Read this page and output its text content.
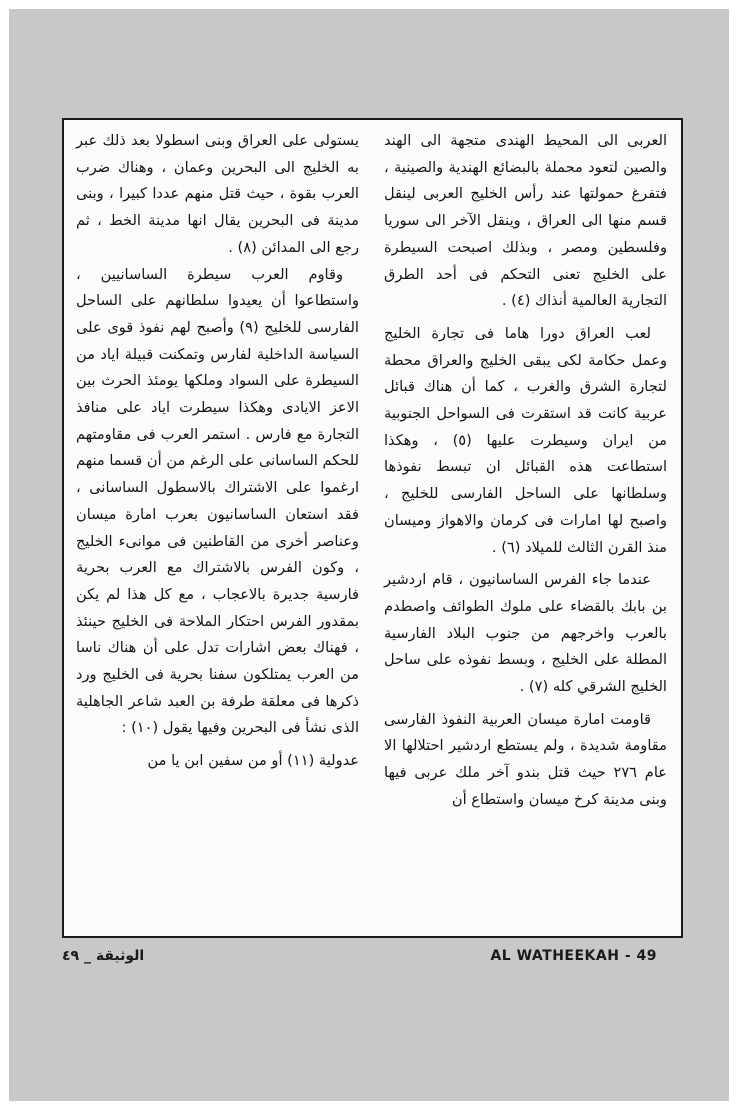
العربى الى المحيط الهندى متجهة الى الهند والصين لتعود محملة بالبضائع الهندية والصينية ، فتفرغ حمولتها عند رأس الخليج العربى لينقل قسم منها الى العراق ، وينقل الآخر الى سوريا وفلسطين ومصر ، وبذلك اصبحت السيطرة على الخليج تعنى التحكم فى أحد الطرق التجارية العالمية أنذاك (٤) .

لعب العراق دورا هاما فى تجارة الخليج وعمل حكامة لكى يبقى الخليج والعراق محطة لتجارة الشرق والغرب ، كما أن هناك قبائل عربية كانت قد استقرت فى السواحل الجنوبية من ايران وسيطرت عليها (٥) ، وهكذا استطاعت هذه القبائل ان تبسط نفوذها وسلطانها على الساحل الفارسى للخليج ، واصبح لها امارات فى كرمان والاهواز وميسان منذ القرن الثالث للميلاد (٦) .

عندما جاء الفرس الساسانيون ، قام اردشير بن بابك بالقضاء على ملوك الطوائف واصطدم بالعرب واخرجهم من جنوب البلاد الفارسية المطلة على الخليج ، وبسط نفوذه على ساحل الخليج الشرقي كله (٧) .

قاومت امارة ميسان العربية النفوذ الفارسى مقاومة شديدة ، ولم يستطع اردشير احتلالها الا عام ٢٧٦ حيث قتل بندو آخر ملك عربى فيها وبنى مدينة كرخ ميسان واستطاع أن

يستولى على العراق وبنى اسطولا بعد ذلك عبر به الخليج الى البحرين وعمان ، وهناك ضرب العرب بقوة ، حيث قتل منهم عددا كبيرا ، وبنى مدينة فى البحرين يقال انها مدينة الخط ، ثم رجع الى المدائن (٨) .

وقاوم العرب سيطرة الساسانيين ، واستطاعوا أن يعيدوا سلطانهم على الساحل الفارسى للخليج (٩) وأصبح لهم نفوذ قوى على السياسة الداخلية لفارس وتمكنت قبيلة اياد من السيطرة على السواد وملكها يومئذ الحرث بين الاعز الايادى وهكذا سيطرت اياد على منافذ التجارة مع فارس . استمر العرب فى مقاومتهم للحكم الساسانى على الرغم من أن قسما منهم ارغموا على الاشتراك بالاسطول الساسانى ، فقد استعان الساسانيون بعرب امارة ميسان وعناصر أخرى من القاطنين فى موانىء الخليج ، وكون الفرس بالاشتراك مع العرب بحرية فارسية جديرة بالاعجاب ، مع كل هذا لم يكن بمقدور الفرس احتكار الملاحة فى الخليج حينئذ ، فهناك بعض اشارات تدل على أن هناك ناسا من العرب يمتلكون سفنا بحرية فى الخليج ورد ذكرها فى معلقة طرفة بن العبد شاعر الجاهلية الذى نشأ فى البحرين وفيها يقول (١٠) :

عدولية (١١) أو من سفين ابن يا من

AL WATHEEKAH - 49
الوثيقة _ ٤٩
